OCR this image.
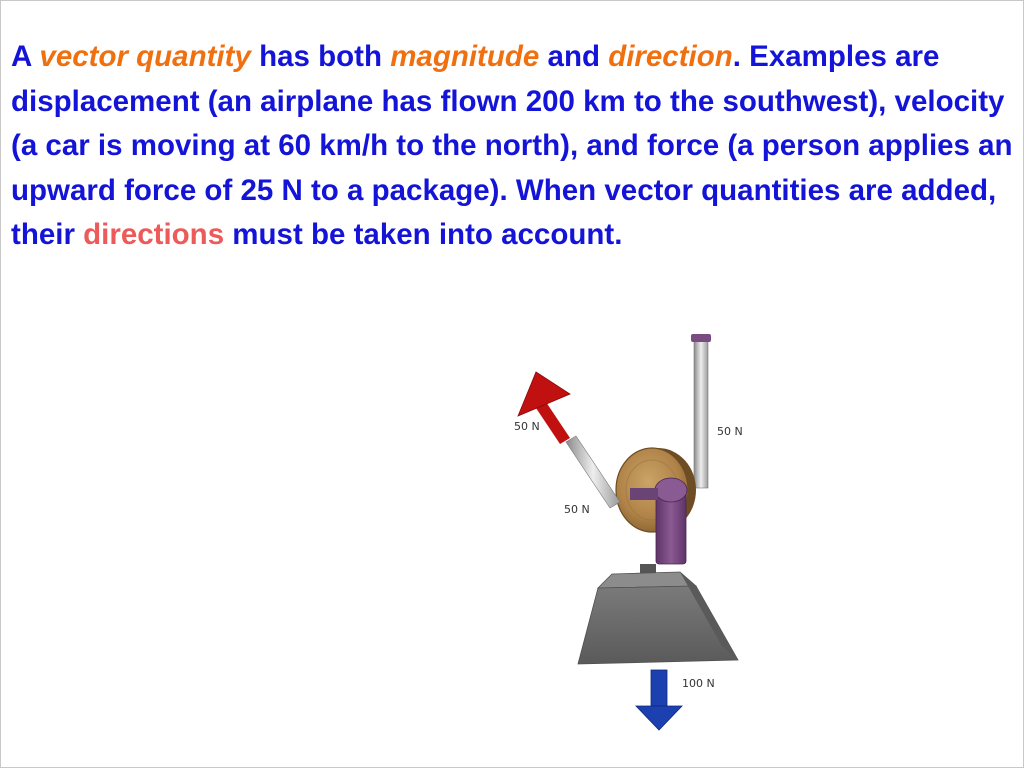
A vector quantity has both magnitude and direction. Examples are displacement (an airplane has flown 200 km to the southwest), velocity (a car is moving at 60 km/h to the north), and force (a person applies an upward force of 25 N to a package). When vector quantities are added, their directions must be taken into account.

50 N	50 N
50 N
100 N
